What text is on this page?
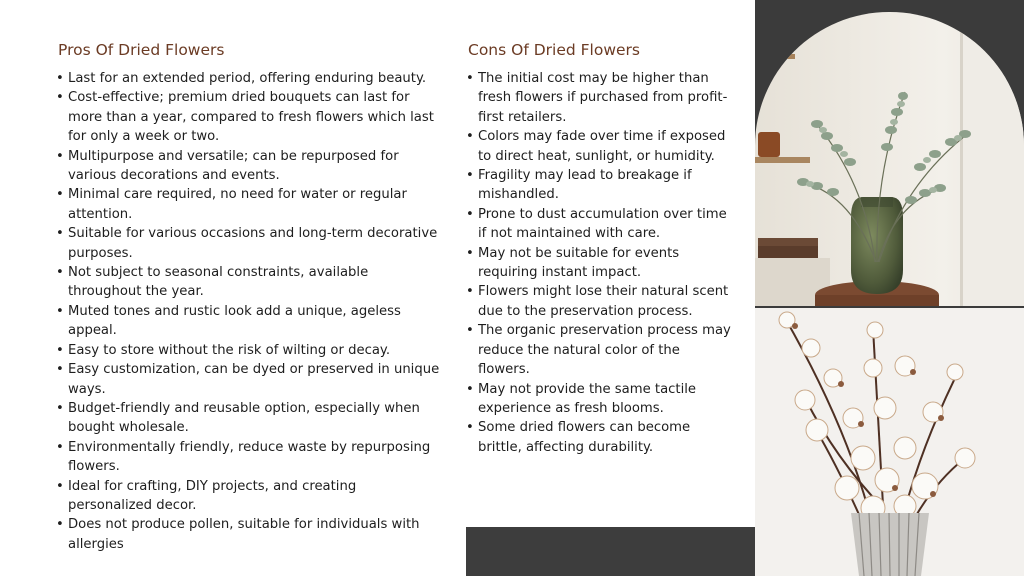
Pros Of Dried Flowers
• Last for an extended period, offering enduring beauty.
• Cost-effective; premium dried bouquets can last for more than a year, compared to fresh flowers which last for only a week or two.
• Multipurpose and versatile; can be repurposed for various decorations and events.
• Minimal care required, no need for water or regular attention.
• Suitable for various occasions and long-term decorative purposes.
• Not subject to seasonal constraints, available throughout the year.
• Muted tones and rustic look add a unique, ageless appeal.
• Easy to store without the risk of wilting or decay.
• Easy customization, can be dyed or preserved in unique ways.
• Budget-friendly and reusable option, especially when bought wholesale.
• Environmentally friendly, reduce waste by repurposing flowers.
• Ideal for crafting, DIY projects, and creating personalized decor.
• Does not produce pollen, suitable for individuals with allergies
Cons Of Dried Flowers
• The initial cost may be higher than fresh flowers if purchased from profit-first retailers.
• Colors may fade over time if exposed to direct heat, sunlight, or humidity.
• Fragility may lead to breakage if mishandled.
• Prone to dust accumulation over time if not maintained with care.
• May not be suitable for events requiring instant impact.
• Flowers might lose their natural scent due to the preservation process.
• The organic preservation process may reduce the natural color of the flowers.
• May not provide the same tactile experience as fresh blooms.
• Some dried flowers can become brittle, affecting durability.
